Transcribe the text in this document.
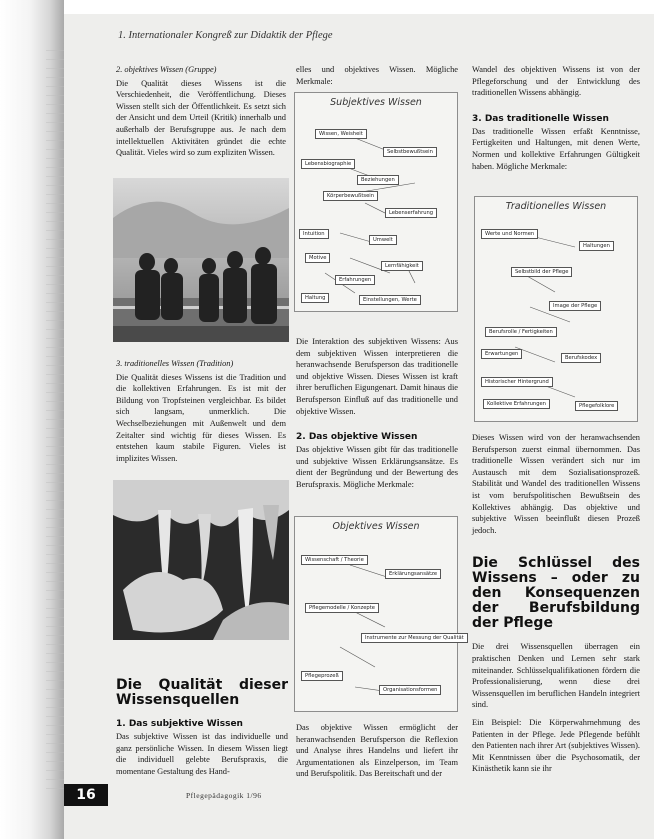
1. Internationaler Kongreß zur Didaktik der Pflege

2. objektives Wissen (Gruppe)

Die Qualität dieses Wissens ist die Verschiedenheit, die Veröffentlichung. Dieses Wissen stellt sich der Öffentlichkeit. Es setzt sich der Ansicht und dem Urteil (Kritik) innerhalb und außerhalb der Berufsgruppe aus. Je nach dem intellektuellen Aktivitäten gründet die echte Qualität. Vieles wird so zum expliziten Wissen.

3. traditionelles Wissen (Tradition)

Die Qualität dieses Wissens ist die Tradition und die kollektiven Erfahrungen. Es ist mit der Bildung von Tropfsteinen vergleichbar. Es bildet sich langsam, unmerklich. Die Wechselbeziehungen mit Außenwelt und dem Zeitalter sind wichtig für dieses Wissen. Es entstehen kaum stabile Figuren. Vieles ist implizites Wissen.

Die Qualität dieser Wissensquellen
1. Das subjektive Wissen

Das subjektive Wissen ist das individuelle und ganz persönliche Wissen. In diesem Wissen liegt die individuell gelebte Berufspraxis, die momentane Gestaltung des Hand-

elles und objektives Wissen. Mögliche Merkmale:

Subjektives Wissen
Wissen, Weisheit
Selbstbewußtsein
Lebensbiographie
Beziehungen
Körperbewußtsein
Lebenserfahrung
Intuition
Umwelt
Motive
Lernfähigkeit
Erfahrungen
Haltung	Einstellungen, Werte

Die Interaktion des subjektiven Wissens: Aus dem subjektiven Wissen interpretieren die heranwachsende Berufsperson das traditionelle und objektive Wissen. Dieses Wissen ist kraft ihrer beruflichen Eigungenart. Damit hinaus die Berufsperson Einfluß auf das traditionelle und objektive Wissen.

2. Das objektive Wissen

Das objektive Wissen gibt für das traditionelle und subjektive Wissen Erklärungsansätze. Es dient der Begründung und der Bewertung des Berufspraxis. Mögliche Merkmale:

Objektives Wissen
Wissenschaft / Theorie
Erklärungsansätze
Pflegemodelle / Konzepte
Instrumente zur Messung der Qualität
Pflegeprozeß
Organisationsformen

Das objektive Wissen ermöglicht der heranwachsenden Berufsperson die Reflexion und Analyse ihres Handelns und liefert ihr Argumentationen als Einzelperson, im Team und Berufspolitik. Das Bereitschaft und der

Wandel des objektiven Wissens ist von der Pflegeforschung und der Entwicklung des traditionellen Wissens abhängig.

3. Das traditionelle Wissen

Das traditionelle Wissen erfaßt Kenntnisse, Fertigkeiten und Haltungen, mit denen Werte, Normen und kollektive Erfahrungen Gültigkeit haben. Mögliche Merkmale:

Traditionelles Wissen
Werte und Normen
Haltungen
Selbstbild der Pflege
Image der Pflege
Berufsrolle / Fertigkeiten
Berufskodex
Erwartungen
Historischer Hintergrund
Kollektive Erfahrungen	Pflegefolklore

Dieses Wissen wird von der heranwachsenden Berufsperson zuerst einmal übernommen. Das traditionelle Wissen verändert sich nur im Austausch mit dem Sozialisationsprozeß. Stabilität und Wandel des traditionellen Wissens ist vom berufspolitischen Bewußtsein des Kollektives abhängig. Das objektive und subjektive Wissen beeinflußt diesen Prozeß jedoch.

Die Schlüssel des Wissens – oder zu den Konsequenzen der Berufsbildung der Pflege

Die drei Wissensquellen überragen ein praktischen Denken und Lernen sehr stark miteinander. Schlüsselqualifikationen fördern die Professionalisierung, wenn diese drei Wissensquellen im beruflichen Handeln integriert sind.

Ein Beispiel: Die Körperwahrnehmung des Patienten in der Pflege. Jede Pflegende befühlt den Patienten nach ihrer Art (subjektives Wissen). Mit Kenntnissen über die Psychosomatik, der Kinästhetik kann sie ihr

16	Pflegepädagogik 1/96
